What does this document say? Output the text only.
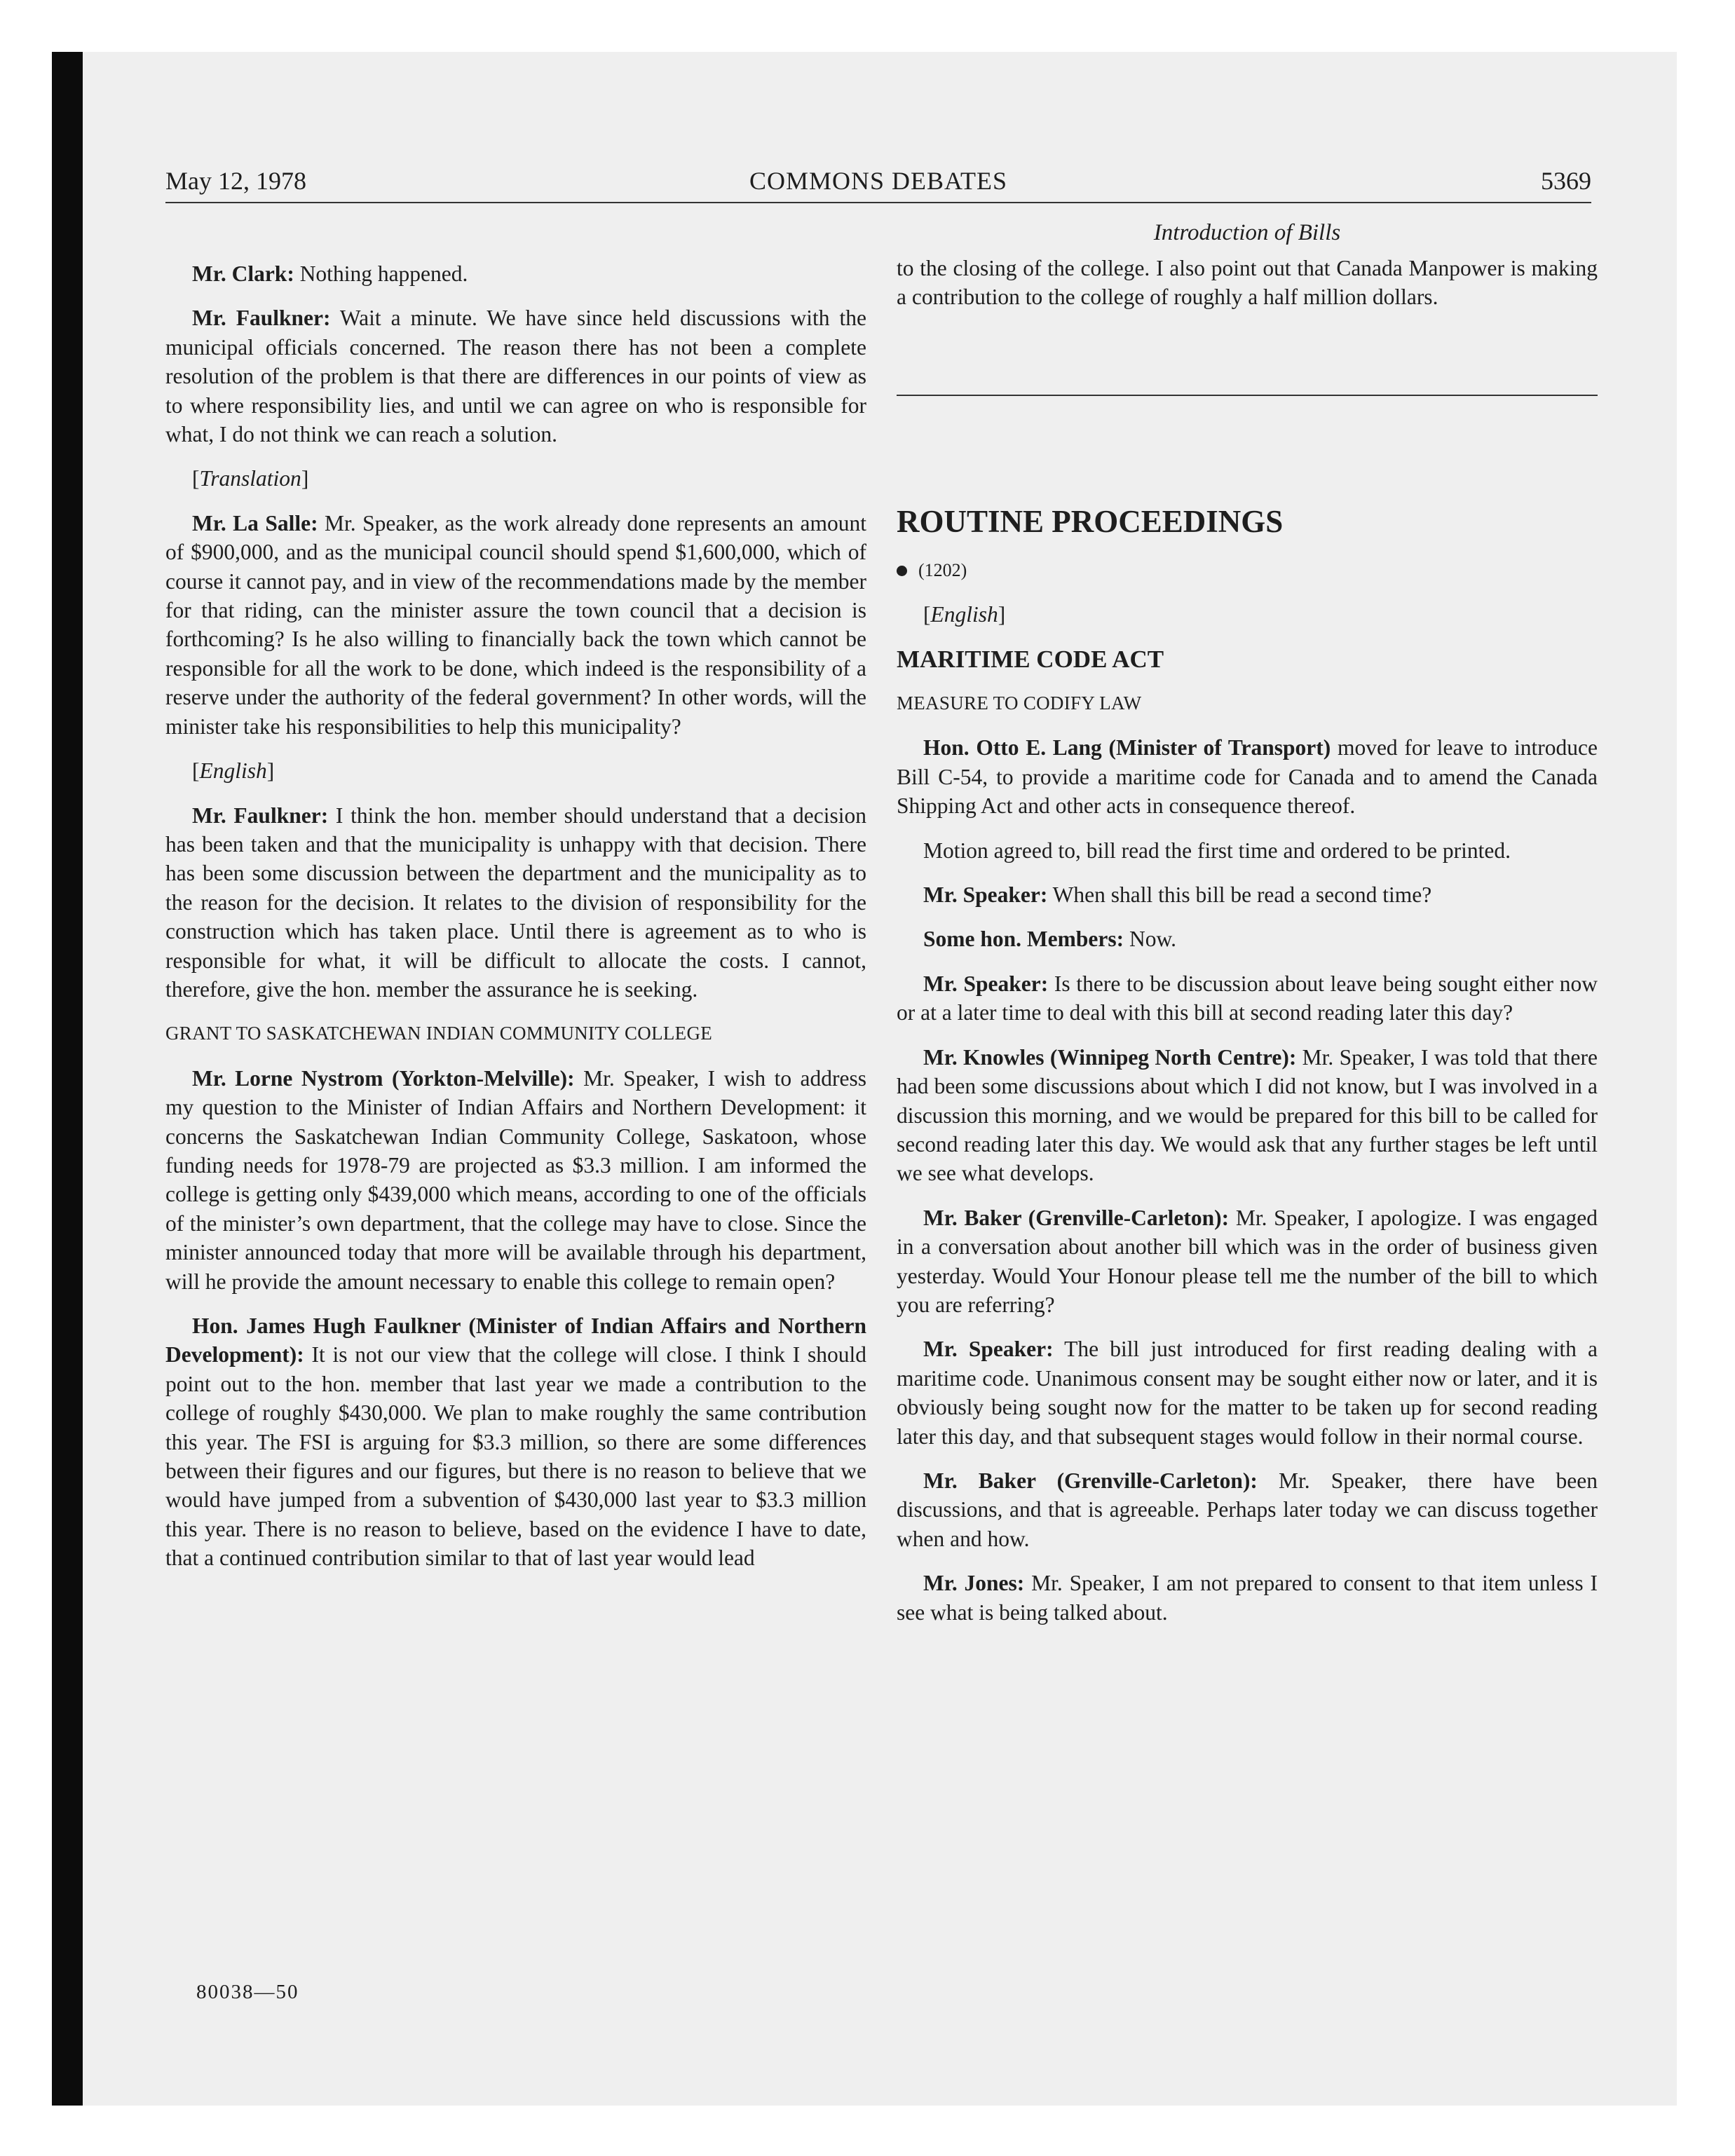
COMMONS DEBATES
May 12, 1978	5369
Introduction of Bills

Mr. Clark: Nothing happened.

Mr. Faulkner: Wait a minute. We have since held discussions with the municipal officials concerned. The reason there has not been a complete resolution of the problem is that there are differences in our points of view as to where responsibility lies, and until we can agree on who is responsible for what, I do not think we can reach a solution.

[Translation]

Mr. La Salle: Mr. Speaker, as the work already done represents an amount of $900,000, and as the municipal council should spend $1,600,000, which of course it cannot pay, and in view of the recommendations made by the member for that riding, can the minister assure the town council that a decision is forthcoming? Is he also willing to financially back the town which cannot be responsible for all the work to be done, which indeed is the responsibility of a reserve under the authority of the federal government? In other words, will the minister take his responsibilities to help this municipality?

[English]

Mr. Faulkner: I think the hon. member should understand that a decision has been taken and that the municipality is unhappy with that decision. There has been some discussion between the department and the municipality as to the reason for the decision. It relates to the division of responsibility for the construction which has taken place. Until there is agreement as to who is responsible for what, it will be difficult to allocate the costs. I cannot, therefore, give the hon. member the assurance he is seeking.

GRANT TO SASKATCHEWAN INDIAN COMMUNITY COLLEGE

Mr. Lorne Nystrom (Yorkton-Melville): Mr. Speaker, I wish to address my question to the Minister of Indian Affairs and Northern Development: it concerns the Saskatchewan Indian Community College, Saskatoon, whose funding needs for 1978-79 are projected as $3.3 million. I am informed the college is getting only $439,000 which means, according to one of the officials of the minister’s own department, that the college may have to close. Since the minister announced today that more will be available through his department, will he provide the amount necessary to enable this college to remain open?

Hon. James Hugh Faulkner (Minister of Indian Affairs and Northern Development): It is not our view that the college will close. I think I should point out to the hon. member that last year we made a contribution to the college of roughly $430,000. We plan to make roughly the same contribution this year. The FSI is arguing for $3.3 million, so there are some differences between their figures and our figures, but there is no reason to believe that we would have jumped from a subvention of $430,000 last year to $3.3 million this year. There is no reason to believe, based on the evidence I have to date, that a continued contribution similar to that of last year would lead

to the closing of the college. I also point out that Canada Manpower is making a contribution to the college of roughly a half million dollars.

ROUTINE PROCEEDINGS

(1202)

[English]

MARITIME CODE ACT

MEASURE TO CODIFY LAW

Hon. Otto E. Lang (Minister of Transport) moved for leave to introduce Bill C-54, to provide a maritime code for Canada and to amend the Canada Shipping Act and other acts in consequence thereof.

Motion agreed to, bill read the first time and ordered to be printed.

Mr. Speaker: When shall this bill be read a second time?

Some hon. Members: Now.

Mr. Speaker: Is there to be discussion about leave being sought either now or at a later time to deal with this bill at second reading later this day?

Mr. Knowles (Winnipeg North Centre): Mr. Speaker, I was told that there had been some discussions about which I did not know, but I was involved in a discussion this morning, and we would be prepared for this bill to be called for second reading later this day. We would ask that any further stages be left until we see what develops.

Mr. Baker (Grenville-Carleton): Mr. Speaker, I apologize. I was engaged in a conversation about another bill which was in the order of business given yesterday. Would Your Honour please tell me the number of the bill to which you are referring?

Mr. Speaker: The bill just introduced for first reading dealing with a maritime code. Unanimous consent may be sought either now or later, and it is obviously being sought now for the matter to be taken up for second reading later this day, and that subsequent stages would follow in their normal course.

Mr. Baker (Grenville-Carleton): Mr. Speaker, there have been discussions, and that is agreeable. Perhaps later today we can discuss together when and how.

Mr. Jones: Mr. Speaker, I am not prepared to consent to that item unless I see what is being talked about.

80038—50
